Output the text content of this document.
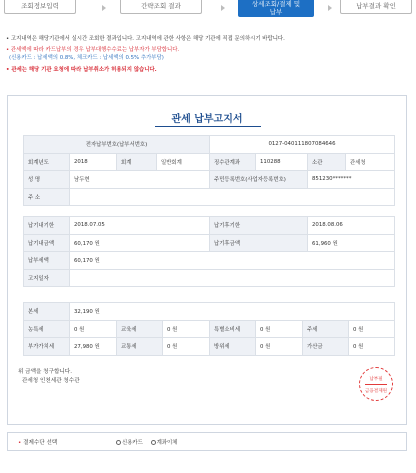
조회정보입력	간략조회 결과	상세조회/결제 및
납부
납부결과 확인
• 고지내역은 해당기관에서 실시간 조회한 결과입니다. 고지내역에 관한 사항은 해당 기관에 직접 문의하시기 바랍니다.
• 관세액에 따라 카드납부의 경우 납부대행수수료는 납부자가 부담합니다.
(신용카드 : 납세액의 0.8%, 체크카드 : 납세액의 0.5% 추가부담)
• 관세는 해당 기관 요청에 따라 납부취소가 허용되지 않습니다.
관세 납부고지서
전자납부번호(납부서번호)				0127-040111807084646			
회계년도	2018	회계	일반회계	징수관계좌	110288	소관	관세청
성 명	남두현			주민등록번호(사업자등록번호)		851230*******	
주 소							
납기내기한	2018.07.05	납기후기한	2018.08.06
납기내금액	60,170 원	납기후금액	61,960 원
납부세액	60,170 원		
고지일자			
본세	32,190 원						
농특세	0 원	교육세	0 원	특별소비세	0 원	주세	0 원
부가가치세	27,980 원	교통세	0 원	방위세	0 원	가산금	0 원
위 금액을 청구합니다.
관세청 인천세관 청수관	납부필
금융결제원
• 결제수단 선택	신용카드	계좌이체
